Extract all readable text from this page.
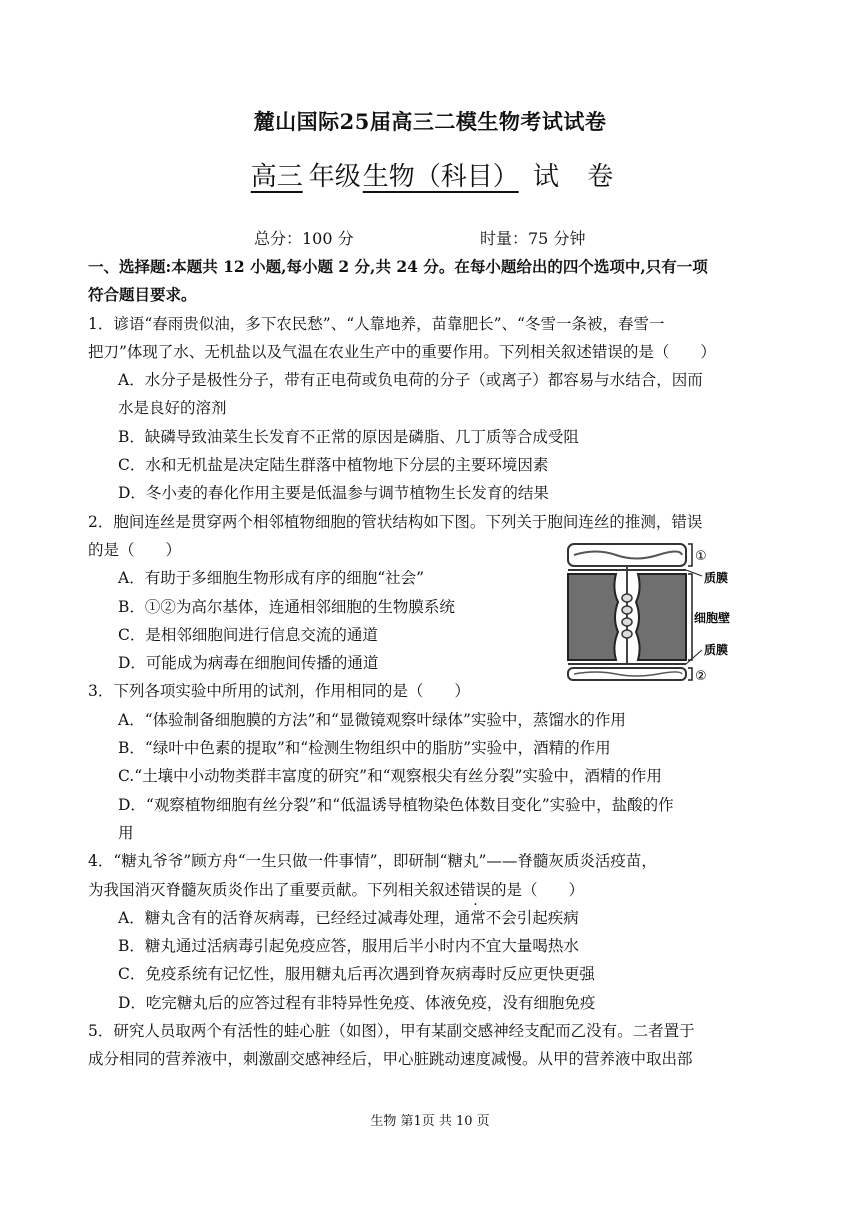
麓山国际25届高三二模生物考试试卷
高三 年级生物（科目） 试 卷
总分：100 分	时量：75 分钟
一、选择题:本题共 12 小题,每小题 2 分,共 24 分。在每小题给出的四个选项中,只有一项
符合题目要求。
1．谚语“春雨贵似油，多下农民愁”、“人靠地养，苗靠肥长”、“冬雪一条被，春雪一
把刀”体现了水、无机盐以及气温在农业生产中的重要作用。下列相关叙述错误的是（　　）
A．水分子是极性分子，带有正电荷或负电荷的分子（或离子）都容易与水结合，因而
水是良好的溶剂
B．缺磷导致油菜生长发育不正常的原因是磷脂、几丁质等合成受阻
C．水和无机盐是决定陆生群落中植物地下分层的主要环境因素
D．冬小麦的春化作用主要是低温参与调节植物生长发育的结果
2．胞间连丝是贯穿两个相邻植物细胞的管状结构如下图。下列关于胞间连丝的推测，错误
的是（　　）
A．有助于多细胞生物形成有序的细胞“社会”
B．①②为高尔基体，连通相邻细胞的生物膜系统
C．是相邻细胞间进行信息交流的通道
D．可能成为病毒在细胞间传播的通道
3．下列各项实验中所用的试剂，作用相同的是（　　）
A．“体验制备细胞膜的方法”和“显微镜观察叶绿体”实验中，蒸馏水的作用
B．“绿叶中色素的提取”和“检测生物组织中的脂肪”实验中，酒精的作用
C.“土壤中小动物类群丰富度的研究”和“观察根尖有丝分裂”实验中，酒精的作用
D．“观察植物细胞有丝分裂”和“低温诱导植物染色体数目变化”实验中，盐酸的作
用
4．“糖丸爷爷”顾方舟“一生只做一件事情”，即研制“糖丸”——脊髓灰质炎活疫苗，
为我国消灭脊髓灰质炎作出了重要贡献。下列相关叙述错误的是（　　）
A．糖丸含有的活脊灰病毒，已经经过减毒处理，通常不会引起疾病
B．糖丸通过活病毒引起免疫应答，服用后半小时内不宜大量喝热水
C．免疫系统有记忆性，服用糖丸后再次遇到脊灰病毒时反应更快更强
D．吃完糖丸后的应答过程有非特异性免疫、体液免疫，没有细胞免疫
5．研究人员取两个有活性的蛙心脏（如图），甲有某副交感神经支配而乙没有。二者置于
成分相同的营养液中，刺激副交感神经后，甲心脏跳动速度减慢。从甲的营养液中取出部
①
质膜
细胞壁
质膜
②
生物 第1页 共 10 页
